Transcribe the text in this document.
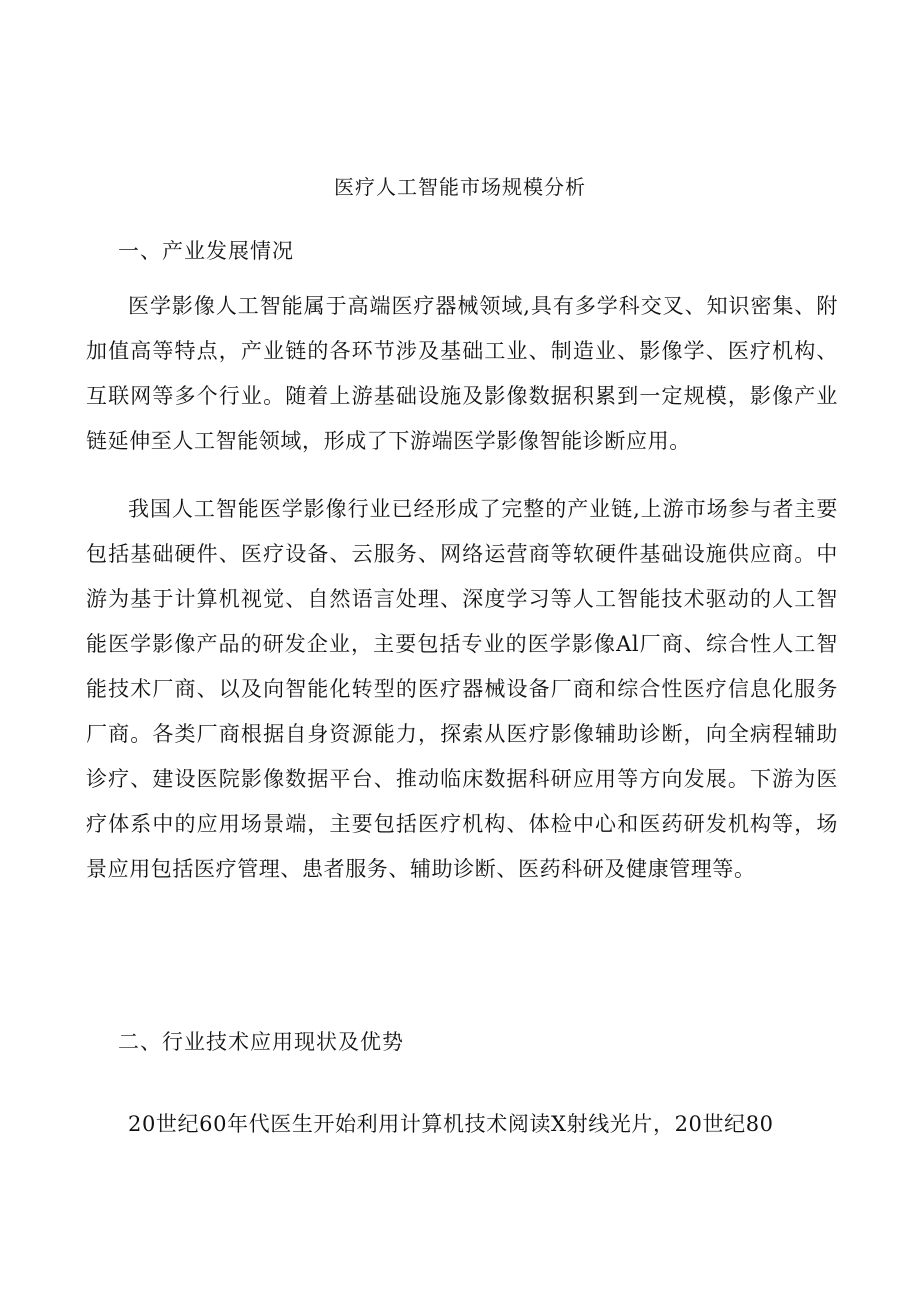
医疗人工智能市场规模分析
一、产业发展情况

医学影像人工智能属于高端医疗器械领域,具有多学科交叉、知识密集、附加值高等特点，产业链的各环节涉及基础工业、制造业、影像学、医疗机构、互联网等多个行业。随着上游基础设施及影像数据积累到一定规模，影像产业链延伸至人工智能领域，形成了下游端医学影像智能诊断应用。

我国人工智能医学影像行业已经形成了完整的产业链,上游市场参与者主要包括基础硬件、医疗设备、云服务、网络运营商等软硬件基础设施供应商。中游为基于计算机视觉、自然语言处理、深度学习等人工智能技术驱动的人工智能医学影像产品的研发企业，主要包括专业的医学影像Al厂商、综合性人工智能技术厂商、以及向智能化转型的医疗器械设备厂商和综合性医疗信息化服务厂商。各类厂商根据自身资源能力，探索从医疗影像辅助诊断，向全病程辅助诊疗、建设医院影像数据平台、推动临床数据科研应用等方向发展。下游为医疗体系中的应用场景端，主要包括医疗机构、体检中心和医药研发机构等，场景应用包括医疗管理、患者服务、辅助诊断、医药科研及健康管理等。

二、行业技术应用现状及优势

20世纪60年代医生开始利用计算机技术阅读X射线光片，20世纪80
